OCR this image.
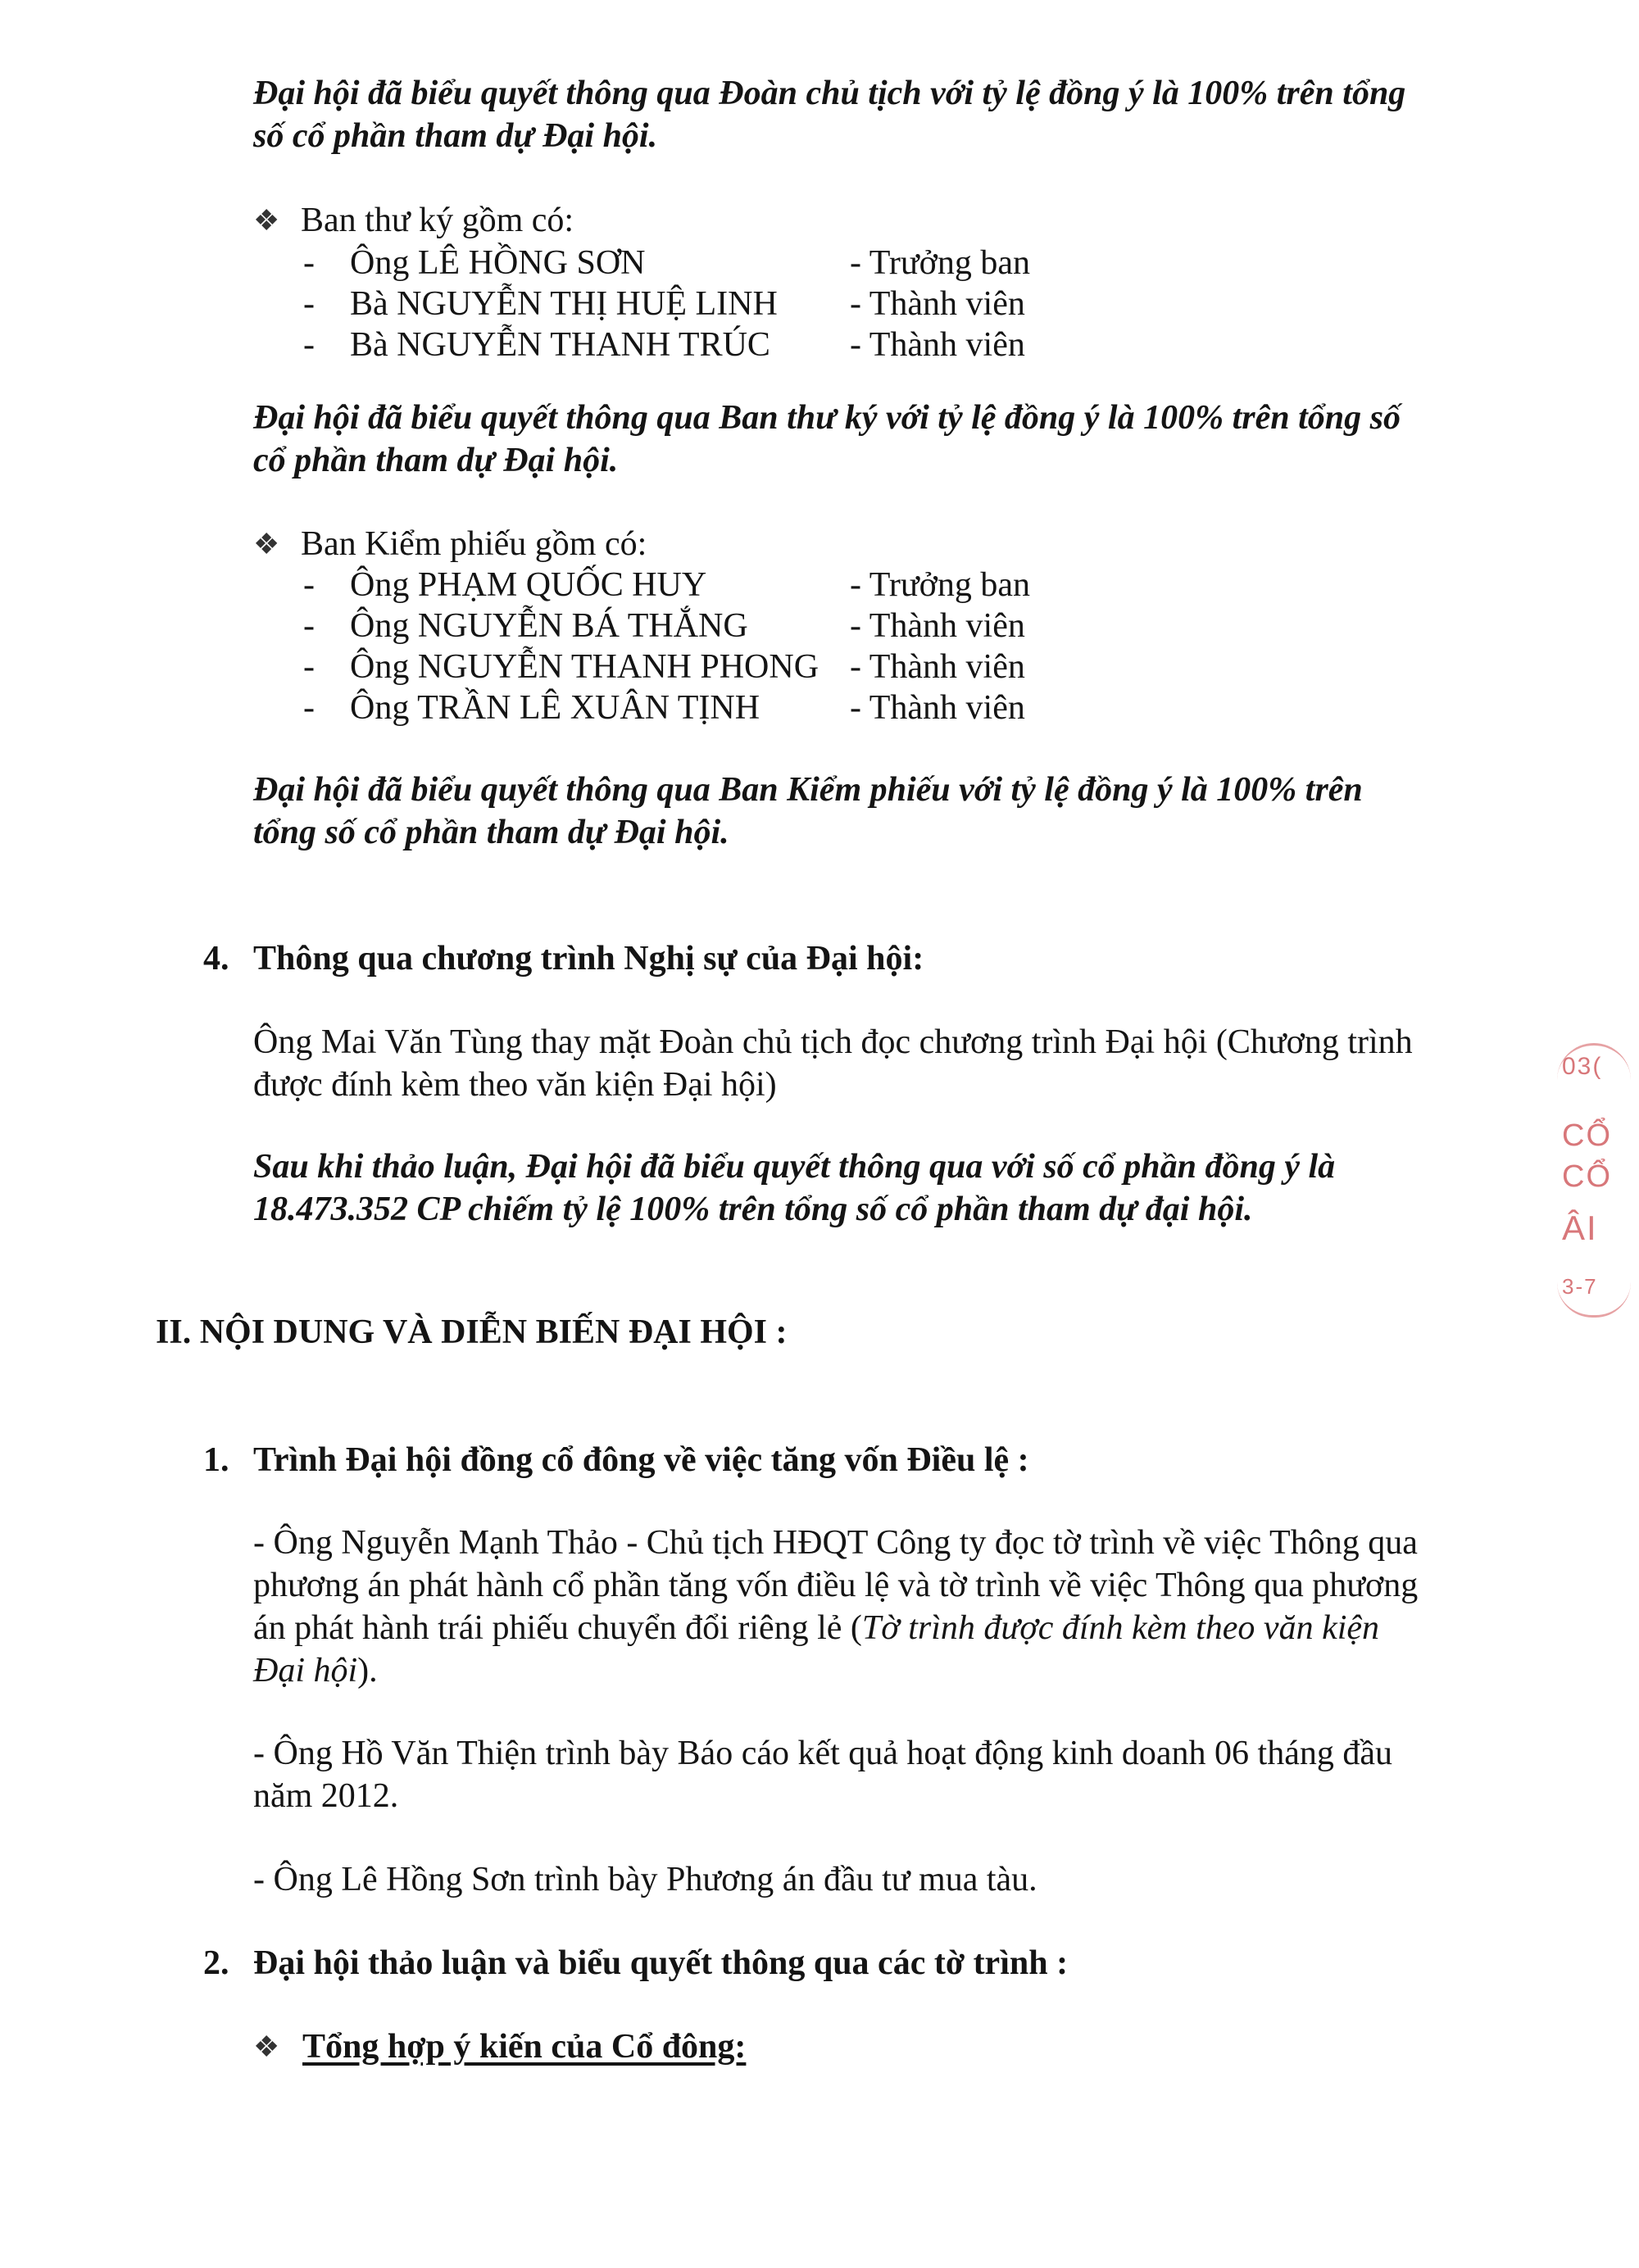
Đại hội đã biểu quyết thông qua Đoàn chủ tịch với tỷ lệ đồng ý là 100% trên tổng
số cổ phần tham dự Đại hội.
❖ Ban thư ký gồm có:
- Ông LÊ HỒNG SƠN	- Trưởng ban
- Bà NGUYỄN THỊ HUỆ LINH - Thành viên
- Bà NGUYỄN THANH TRÚC - Thành viên
Đại hội đã biểu quyết thông qua Ban thư ký với tỷ lệ đồng ý là 100% trên tổng số
cổ phần tham dự Đại hội.
❖ Ban Kiểm phiếu gồm có:
- Ông PHẠM QUỐC HUY	- Trưởng ban
- Ông NGUYỄN BÁ THẮNG	- Thành viên
- Ông NGUYỄN THANH PHONG - Thành viên
- Ông TRẦN LÊ XUÂN TỊNH	- Thành viên
Đại hội đã biểu quyết thông qua Ban Kiểm phiếu với tỷ lệ đồng ý là 100% trên
tổng số cổ phần tham dự Đại hội.
4. Thông qua chương trình Nghị sự của Đại hội:
Ông Mai Văn Tùng thay mặt Đoàn chủ tịch đọc chương trình Đại hội (Chương trình
được đính kèm theo văn kiện Đại hội)
Sau khi thảo luận, Đại hội đã biểu quyết thông qua với số cổ phần đồng ý là
18.473.352 CP chiếm tỷ lệ 100% trên tổng số cổ phần tham dự đại hội.
II. NỘI DUNG VÀ DIỄN BIẾN ĐẠI HỘI :
1. Trình Đại hội đồng cổ đông về việc tăng vốn Điều lệ :
- Ông Nguyễn Mạnh Thảo - Chủ tịch HĐQT Công ty đọc tờ trình về việc Thông qua
phương án phát hành cổ phần tăng vốn điều lệ và tờ trình về việc Thông qua phương
án phát hành trái phiếu chuyển đổi riêng lẻ (Tờ trình được đính kèm theo văn kiện
Đại hội).
- Ông Hồ Văn Thiện trình bày Báo cáo kết quả hoạt động kinh doanh 06 tháng đầu
năm 2012.
- Ông Lê Hồng Sơn trình bày Phương án đầu tư mua tàu.
2. Đại hội thảo luận và biểu quyết thông qua các tờ trình :
❖ Tổng hợp ý kiến của Cổ đông:
03(
CỔ
CỔ
ÂI
3-7
